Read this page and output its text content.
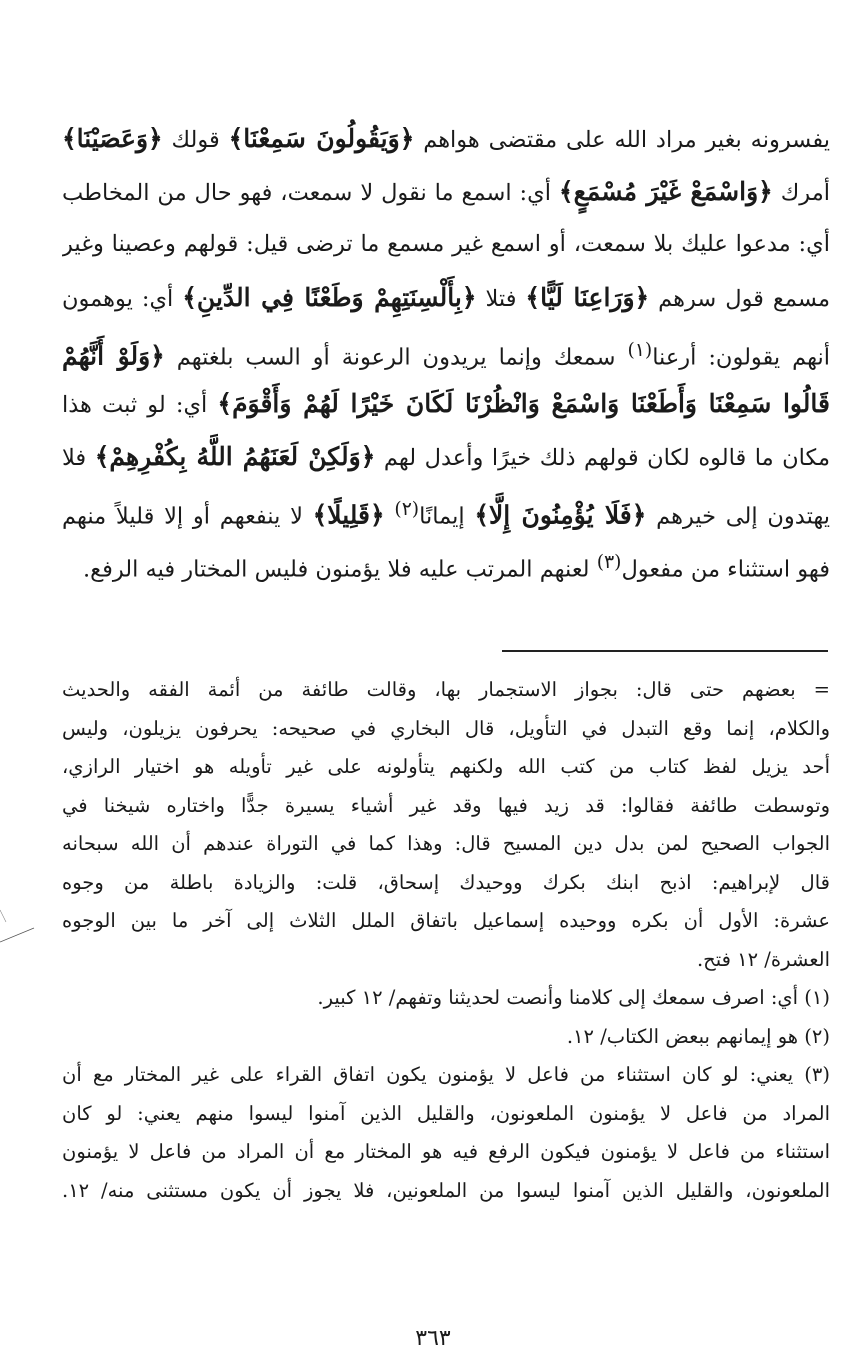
يفسرونه بغير مراد الله على مقتضى هواهم ﴿وَيَقُولُونَ سَمِعْنَا﴾ قولك ﴿وَعَصَيْنَا﴾
أمرك ﴿وَاسْمَعْ غَيْرَ مُسْمَعٍ﴾ أي: اسمع ما نقول لا سمعت، فهو حال من المخاطب
أي: مدعوا عليك بلا سمعت، أو اسمع غير مسمع ما ترضى قيل: قولهم وعصينا وغير
مسمع قول سرهم ﴿وَرَاعِنَا لَيًّا﴾ فتلا ﴿بِأَلْسِنَتِهِمْ وَطَعْنًا فِي الدِّينِ﴾ أي: يوهمون
أنهم يقولون: أرعنا$^{(١)}$ سمعك وإنما يريدون الرعونة أو السب بلغتهم ﴿وَلَوْ أَنَّهُمْ
قَالُوا سَمِعْنَا وَأَطَعْنَا وَاسْمَعْ وَانْظُرْنَا لَكَانَ خَيْرًا لَهُمْ وَأَقْوَمَ﴾ أي: لو ثبت هذا
مكان ما قالوه لكان قولهم ذلك خيرًا وأعدل لهم ﴿وَلَكِنْ لَعَنَهُمُ اللَّهُ بِكُفْرِهِمْ﴾ فلا
يهتدون إلى خيرهم ﴿فَلَا يُؤْمِنُونَ إِلَّا﴾ إيمانًا$^{(٢)}$ ﴿قَلِيلًا﴾ لا ينفعهم أو إلا قليلاً منهم
فهو استثناء من مفعول$^{(٣)}$ لعنهم المرتب عليه فلا يؤمنون فليس المختار فيه الرفع.
= بعضهم حتى قال: بجواز الاستجمار بها، وقالت طائفة من أئمة الفقه والحديث
والكلام، إنما وقع التبدل في التأويل، قال البخاري في صحيحه: يحرفون يزيلون، وليس
أحد يزيل لفظ كتاب من كتب الله ولكنهم يتأولونه على غير تأويله هو اختيار الرازي،
وتوسطت طائفة فقالوا: قد زيد فيها وقد غير أشياء يسيرة جدًّا واختاره شيخنا في
الجواب الصحيح لمن بدل دين المسيح قال: وهذا كما في التوراة عندهم أن الله سبحانه
قال لإبراهيم: اذبح ابنك بكرك ووحيدك إسحاق، قلت: والزيادة باطلة من وجوه
عشرة: الأول أن بكره ووحيده إسماعيل باتفاق الملل الثلاث إلى آخر ما بين الوجوه
العشرة/ ١٢ فتح.
(١) أي: اصرف سمعك إلى كلامنا وأنصت لحديثنا وتفهم/ ١٢ كبير.
(٢) هو إيمانهم ببعض الكتاب/ ١٢.
(٣) يعني: لو كان استثناء من فاعل لا يؤمنون يكون اتفاق القراء على غير المختار مع أن
المراد من فاعل لا يؤمنون الملعونون، والقليل الذين آمنوا ليسوا منهم يعني: لو كان
استثناء من فاعل لا يؤمنون فيكون الرفع فيه هو المختار مع أن المراد من فاعل لا يؤمنون
الملعونون، والقليل الذين آمنوا ليسوا من الملعونين، فلا يجوز أن يكون مستثنى منه/ ١٢.
٣٦٣
